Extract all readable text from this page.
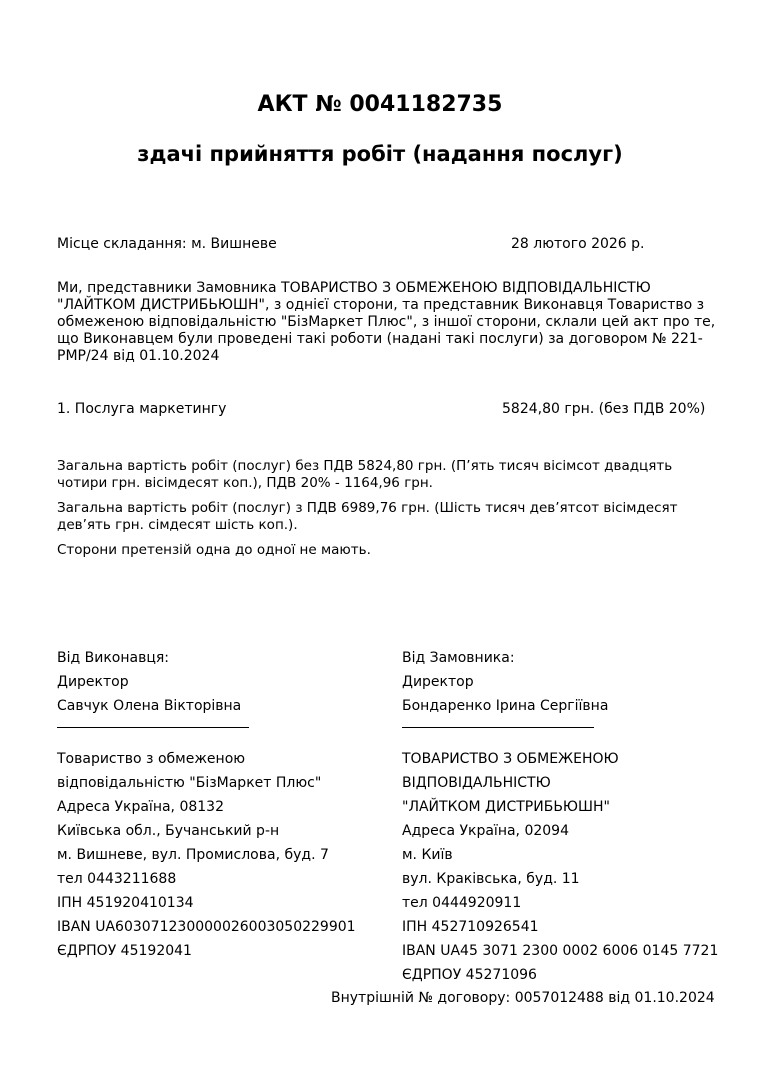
АКТ № 0041182735
здачі прийняття робіт (надання послуг)
Місце складання: м. Вишневе	28 лютого 2026 р.
Ми, представники Замовника ТОВАРИСТВО З ОБМЕЖЕНОЮ ВІДПОВІДАЛЬНІСТЮ "ЛАЙТКОМ ДИСТРИБЬЮШН", з однієї сторони, та представник Виконавця Товариство з обмеженою відповідальністю "БізМаркет Плюс", з іншої сторони, склали цей акт про те, що Виконавцем були проведені такі роботи (надані такі послуги) за договором № 221-РМР/24 від 01.10.2024
1. Послуга маркетингу	5824,80 грн. (без ПДВ 20%)

Загальна вартість робіт (послуг) без ПДВ 5824,80 грн. (П’ять тисяч вісімсот двадцять чотири грн. вісімдесят коп.), ПДВ 20% - 1164,96 грн.

Загальна вартість робіт (послуг) з ПДВ 6989,76 грн. (Шість тисяч дев’ятсот вісімдесят дев’ять грн. сімдесят шість коп.).

Сторони претензій одна до одної не мають.

Від Виконавця:
Директор
Савчук Олена Вікторівна
Товариство з обмеженою
відповідальністю "БізМаркет Плюс"
Адреса Україна, 08132
Київська обл., Бучанський р-н
м. Вишневе, вул. Промислова, буд. 7
тел 0443211688
ІПН 451920410134
IBAN UA603071230000026003050229901
ЄДРПОУ 45192041
Від Замовника:
Директор
Бондаренко Ірина Сергіївна
ТОВАРИСТВО З ОБМЕЖЕНОЮ
ВІДПОВІДАЛЬНІСТЮ
"ЛАЙТКОМ ДИСТРИБЬЮШН"
Адреса Україна, 02094
м. Київ
вул. Краківська, буд. 11
тел 0444920911
ІПН 452710926541
IBAN UA45 3071 2300 0002 6006 0145 7721
ЄДРПОУ 45271096
Внутрішній № договору: 0057012488 від 01.10.2024
